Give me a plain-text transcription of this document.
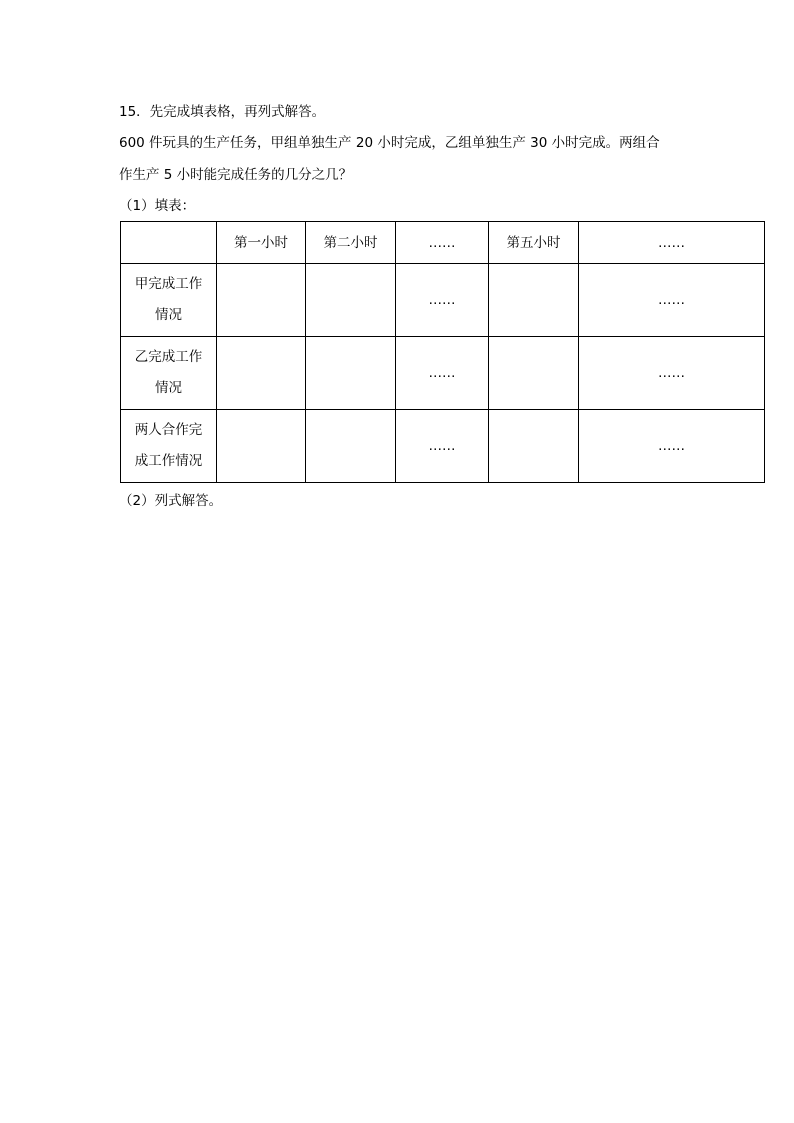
15．先完成填表格，再列式解答。
600 件玩具的生产任务，甲组单独生产 20 小时完成，乙组单独生产 30 小时完成。两组合
作生产 5 小时能完成任务的几分之几？
（1）填表：
	第一小时	第二小时	……	第五小时	……
甲完成工作情况			……		……
乙完成工作情况			……		……
两人合作完成工作情况			……		……
（2）列式解答。
